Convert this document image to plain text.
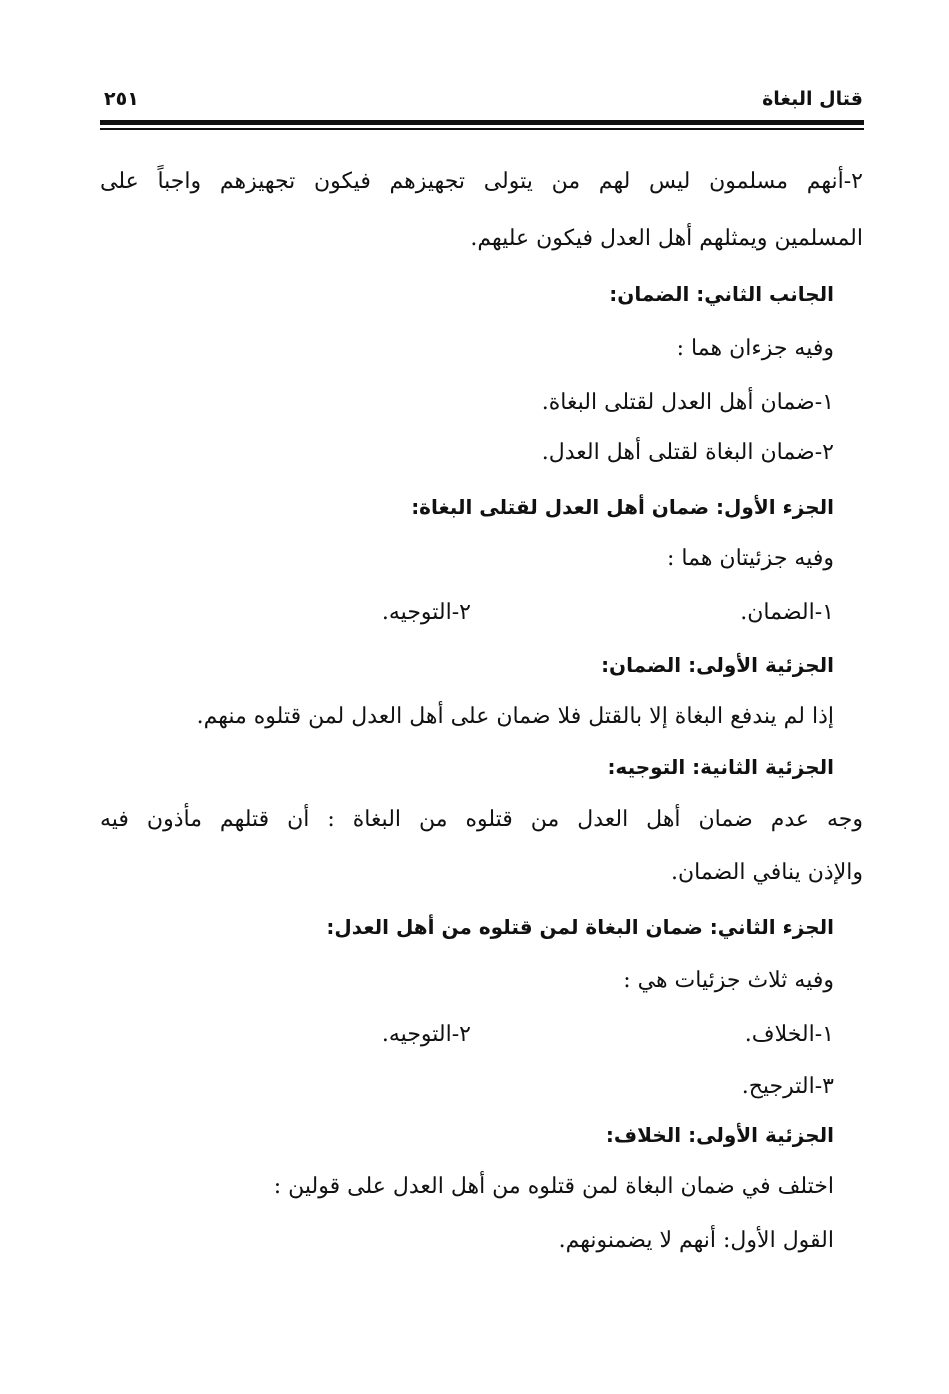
قتال البغاة
٢٥١
٢-أنهم مسلمون ليس لهم من يتولى تجهيزهم فيكون تجهيزهم واجباً على
المسلمين ويمثلهم أهل العدل فيكون عليهم.
الجانب الثاني: الضمان:
وفيه جزءان هما :
١-ضمان أهل العدل لقتلى البغاة.
٢-ضمان البغاة لقتلى أهل العدل.
الجزء الأول: ضمان أهل العدل لقتلى البغاة:
وفيه جزئيتان هما :
١-الضمان.
٢-التوجيه.
الجزئية الأولى: الضمان:
إذا لم يندفع البغاة إلا بالقتل فلا ضمان على أهل العدل لمن قتلوه منهم.
الجزئية الثانية: التوجيه:
وجه عدم ضمان أهل العدل من قتلوه من البغاة : أن قتلهم مأذون فيه
والإذن ينافي الضمان.
الجزء الثاني: ضمان البغاة لمن قتلوه من أهل العدل:
وفيه ثلاث جزئيات هي :
١-الخلاف.
٢-التوجيه.
٣-الترجيح.
الجزئية الأولى: الخلاف:
اختلف في ضمان البغاة لمن قتلوه من أهل العدل على قولين :
القول الأول: أنهم لا يضمنونهم.
